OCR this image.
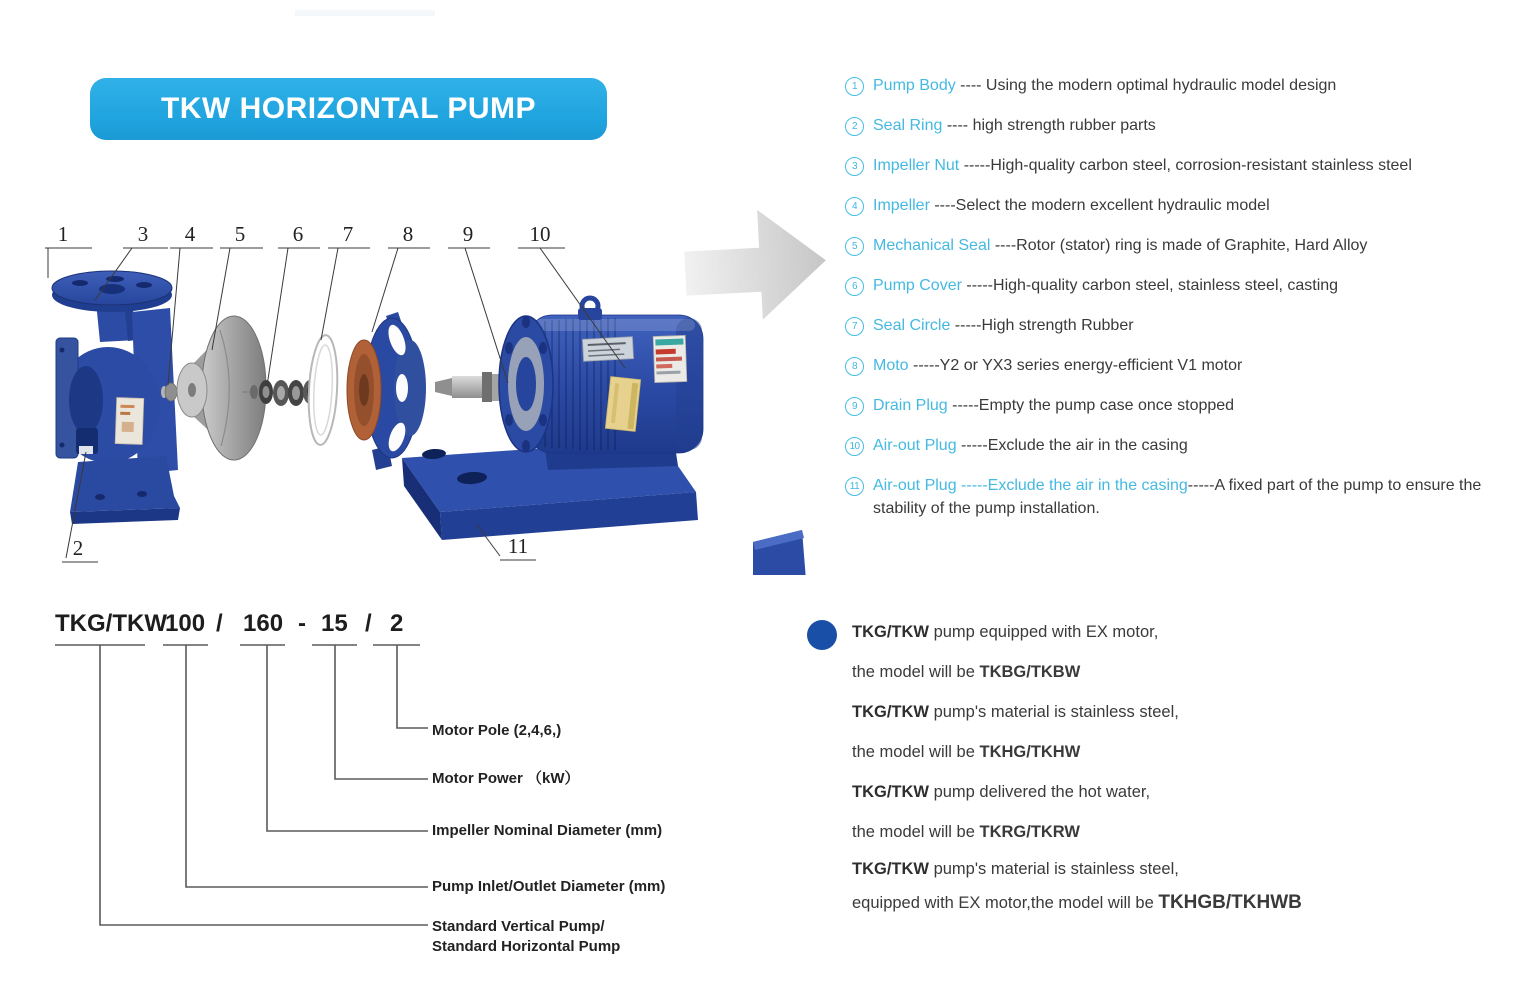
TKW HORIZONTAL PUMP
1	3 4 5 6 7 8 9	10
2	11
1 Pump Body ---- Using the modern optimal hydraulic model design
2 Seal Ring ---- high strength rubber parts
3 Impeller Nut -----High-quality carbon steel, corrosion-resistant stainless steel
4 Impeller ----Select the modern excellent hydraulic model
5 Mechanical Seal ----Rotor (stator) ring is made of Graphite, Hard Alloy
6 Pump Cover -----High-quality carbon steel, stainless steel, casting
7 Seal Circle -----High strength Rubber
8 Moto -----Y2 or YX3 series energy-efficient V1 motor
9 Drain Plug -----Empty the pump case once stopped
10 Air-out Plug -----Exclude the air in the casing
11 Air-out Plug -----Exclude the air in the casing-----A fixed part of the pump to ensure the stability of the pump installation.
TKG/TKW
100 / 160 - 15 / 2
Motor Pole (2,4,6,)
Motor Power （kW）
Impeller Nominal Diameter (mm)
Pump Inlet/Outlet Diameter (mm)
Standard Vertical Pump/
Standard Horizontal Pump
TKG/TKW pump equipped with EX motor,
the model will be TKBG/TKBW
TKG/TKW pump's material is stainless steel,
the model will be TKHG/TKHW
TKG/TKW pump delivered the hot water,
the model will be TKRG/TKRW
TKG/TKW pump's material is stainless steel,
equipped with EX motor,the model will be TKHGB/TKHWB
